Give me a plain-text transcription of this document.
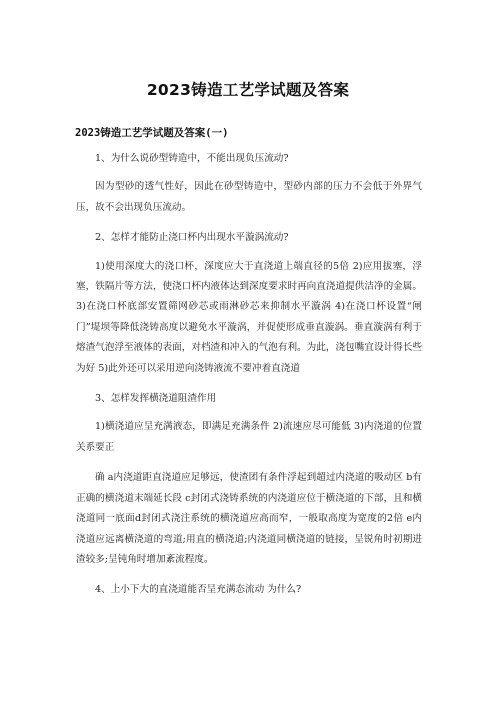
2023铸造工艺学试题及答案
2023铸造工艺学试题及答案(一)

1、为什么说砂型铸造中，不能出现负压流动?

因为型砂的透气性好，因此在砂型铸造中，型砂内部的压力不会低于外界气压，故不会出现负压流动。

2、怎样才能防止浇口杯内出现水平漩涡流动?

1)使用深度大的浇口杯，深度应大于直浇道上端直径的5倍 2)应用拔塞，浮塞，铁隔片等方法，使浇口杯内液体达到深度要求时再向直浇道提供洁净的金属。3)在浇口杯底部安置筛网砂芯或雨淋砂芯来抑制水平漩涡 4)在浇口杯设置“闸门”堤坝等降低浇铸高度以避免水平漩涡，并促使形成垂直漩涡。垂直漩涡有利于熔渣气泡浮至液体的表面，对档渣和冲入的气泡有利。为此，浇包嘴宜设计得长些为好 5)此外还可以采用逆向浇铸液流不要冲着直浇道

3、怎样发挥横浇道阻渣作用

1)横浇道应呈充满液态，即满足充满条件 2)流速应尽可能低 3)内浇道的位置关系要正

确 a内浇道距直浇道应足够远，使渣团有条件浮起到超过内浇道的吸动区 b有正确的横浇道末端延长段 c封闭式浇铸系统的内浇道应位于横浇道的下部，且和横浇道同一底面d封闭式浇注系统的横浇道应高而窄，一般取高度为宽度的2倍 e内浇道应远离横浇道的弯道;用直的横浇道;内浇道同横浇道的链接，呈锐角时初期进渣较多;呈钝角时增加紊流程度。

4、上小下大的直浇道能否呈充满态流动 为什么?
